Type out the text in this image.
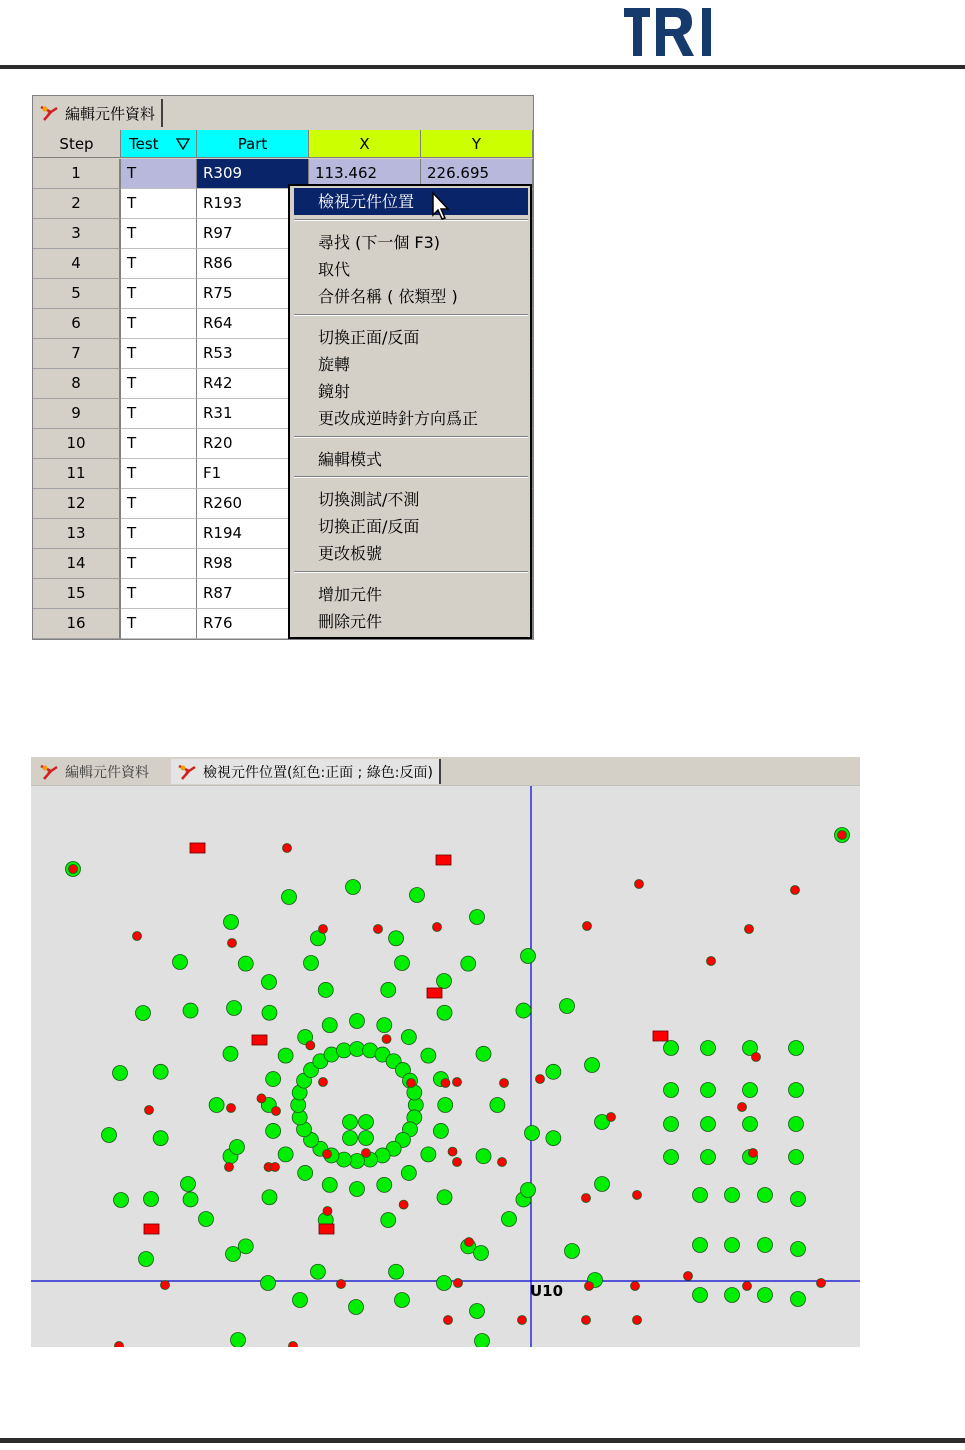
編輯元件資料
Step	Test	Part	X	Y
1	T	R309	113.462	226.695
2	T	R193
3	T	R97
4	T	R86
5	T	R75
6	T	R64
7	T	R53
8	T	R42
9	T	R31
10	T	R20
11	T	F1
12	T	R260
13	T	R194
14	T	R98
15	T	R87
16	T	R76
檢視元件位置
尋找 (下一個 F3)
取代
合併名稱 ( 依類型 )
切換正面/反面
旋轉
鏡射
更改成逆時針方向爲正
編輯模式
切換測試/不測
切換正面/反面
更改板號
增加元件
刪除元件
編輯元件資料	檢視元件位置(紅色:正面 ; 綠色:反面)
U10
